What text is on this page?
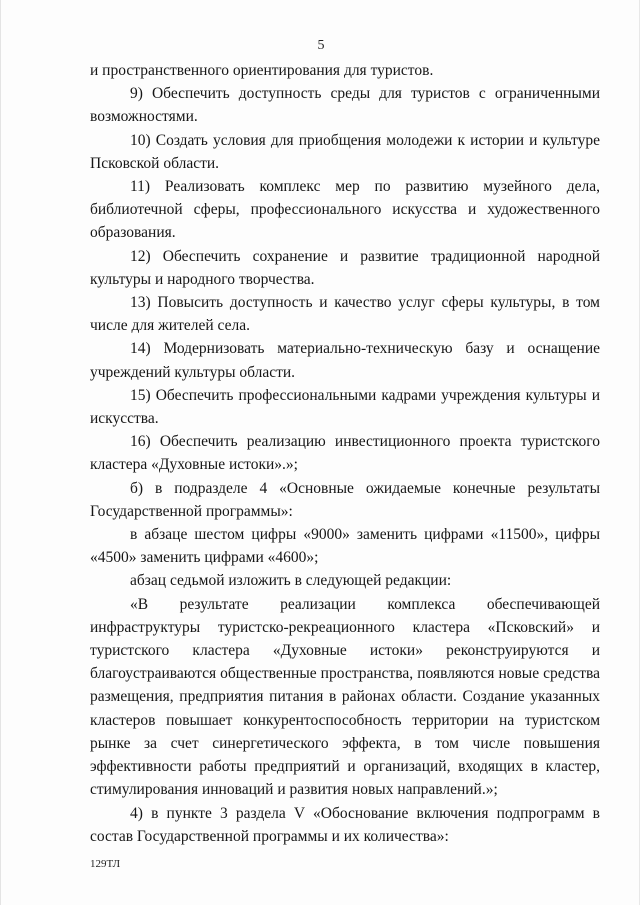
5

и пространственного ориентирования для туристов.

9) Обеспечить доступность среды для туристов с ограниченными возможностями.

10) Создать условия для приобщения молодежи к истории и культуре Псковской области.

11) Реализовать комплекс мер по развитию музейного дела, библиотечной сферы, профессионального искусства и художественного образования.

12) Обеспечить сохранение и развитие традиционной народной культуры и народного творчества.

13) Повысить доступность и качество услуг сферы культуры, в том числе для жителей села.

14) Модернизовать материально-техническую базу и оснащение учреждений культуры области.

15) Обеспечить профессиональными кадрами учреждения культуры и искусства.

16) Обеспечить реализацию инвестиционного проекта туристского кластера «Духовные истоки».»;

б) в подразделе 4 «Основные ожидаемые конечные результаты Государственной программы»:

в абзаце шестом цифры «9000» заменить цифрами «11500», цифры «4500» заменить цифрами «4600»;

абзац седьмой изложить в следующей редакции:

«В результате реализации комплекса обеспечивающей инфраструктуры туристско-рекреационного кластера «Псковский» и туристского кластера «Духовные истоки» реконструируются и благоустраиваются общественные пространства, появляются новые средства размещения, предприятия питания в районах области. Создание указанных кластеров повышает конкурентоспособность территории на туристском рынке за счет синергетического эффекта, в том числе повышения эффективности работы предприятий и организаций, входящих в кластер, стимулирования инноваций и развития новых направлений.»;

4) в пункте 3 раздела V «Обоснование включения подпрограмм в состав Государственной программы и их количества»:

129ТЛ
